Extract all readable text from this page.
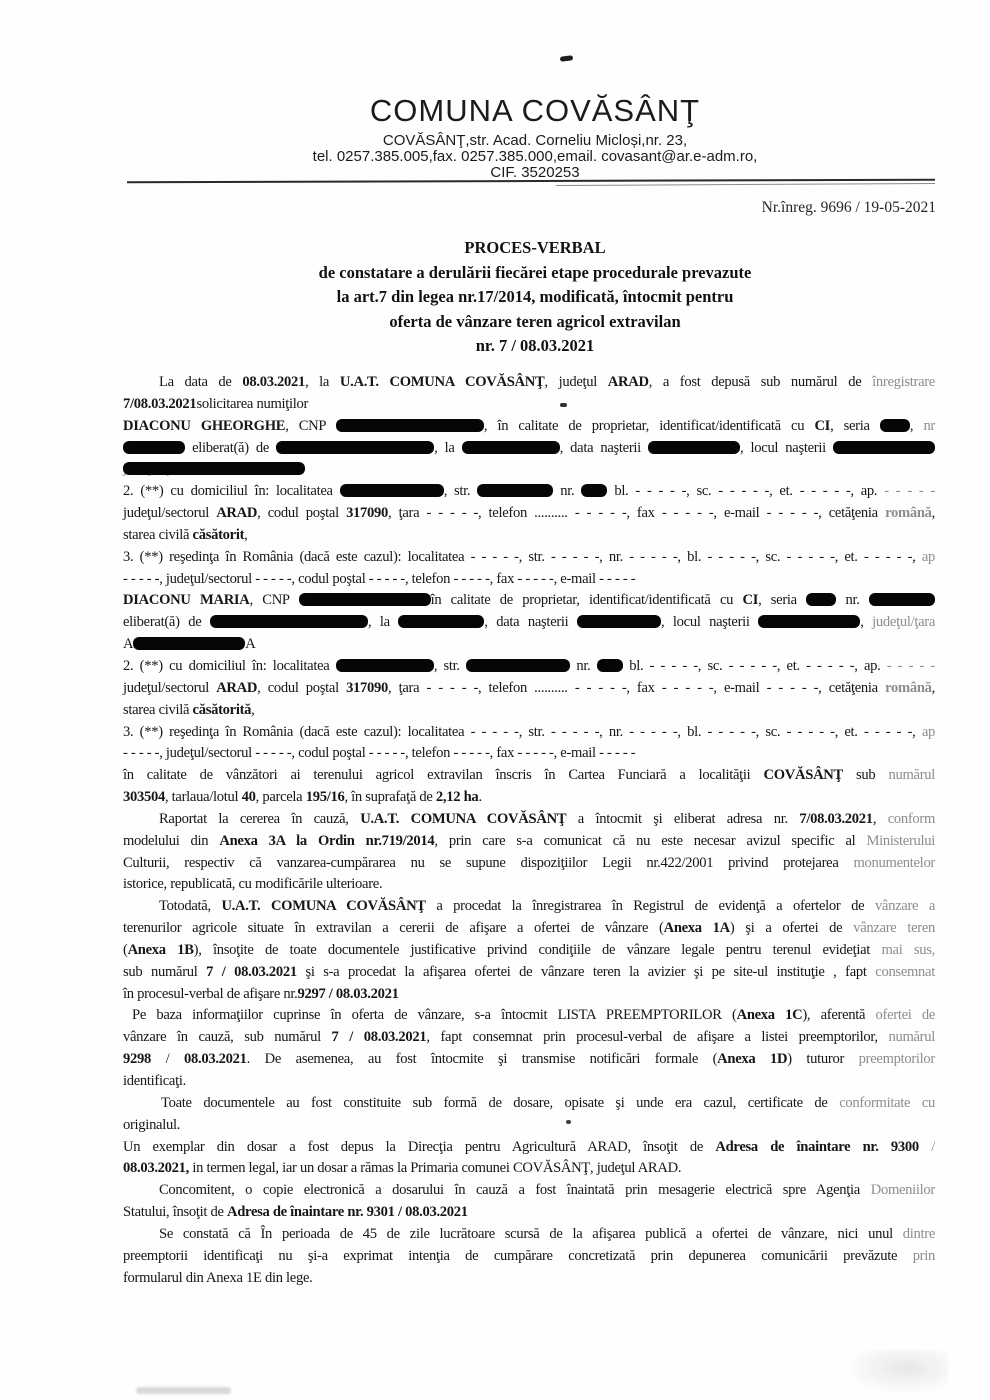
COMUNA COVĂSÂNŢ
COVĂSÂNŢ,str. Acad. Corneliu Micloși,nr. 23,
tel. 0257.385.005,fax. 0257.385.000,email. covasant@ar.e-adm.ro,
CIF. 3520253
Nr.înreg. 9696 / 19-05-2021
PROCES-VERBAL
de constatare a derulării fiecărei etape procedurale prevazute
la art.7 din legea nr.17/2014, modificată, întocmit pentru
oferta de vânzare teren agricol extravilan
nr. 7 / 08.03.2021
La data de 08.03.2021, la U.A.T. COMUNA COVĂSÂNŢ, judeţul ARAD, a fost depusă sub numărul de înregistrare
7/08.03.2021solicitarea numiţilor
DIACONU GHEORGHE, CNP	, în calitate de proprietar, identificat/identificată cu CI, seria , nr
eliberat(ă) de	, la	, data naşterii	, locul naşterii
2. (**) cu domiciliul în: localitatea	, str.	nr.  bl. - - - - -, sc. - - - - -, et. - - - - -, ap. - - - - -
judeţul/sectorul ARAD, codul poştal 317090, ţara - - - - -, telefon .......... - - - - -, fax - - - - -, e-mail - - - - -, cetăţenia română,
starea civilă căsătorit,
3. (**) reşedinţa în România (dacă este cazul): localitatea - - - - -, str. - - - - -, nr. - - - - -, bl. - - - - -, sc. - - - - -, et. - - - - -, ap
- - - - -, judeţul/sectorul - - - - -, codul poştal - - - - -, telefon - - - - -, fax - - - - -, e-mail - - - - -
DIACONU MARIA, CNP	în calitate de proprietar, identificat/identificată cu CI, seria  nr.
eliberat(ă) de	, la	, data naşterii	, locul naşterii	, judeţul/ţara
A	A
2. (**) cu domiciliul în: localitatea	, str.	nr.  bl. - - - - -, sc. - - - - -, et. - - - - -, ap. - - - - -
judeţul/sectorul ARAD, codul poştal 317090, ţara - - - - -, telefon .......... - - - - -, fax - - - - -, e-mail - - - - -, cetăţenia română,
starea civilă căsătorită,
3. (**) reşedinţa în România (dacă este cazul): localitatea - - - - -, str. - - - - -, nr. - - - - -, bl. - - - - -, sc. - - - - -, et. - - - - -, ap
- - - - -, judeţul/sectorul - - - - -, codul poştal - - - - -, telefon - - - - -, fax - - - - -, e-mail - - - - -
în calitate de vânzători ai terenului agricol extravilan înscris în Cartea Funciară a localităţii COVĂSÂNŢ sub numărul
303504, tarlaua/lotul 40, parcela 195/16, în suprafaţă de 2,12 ha.
Raportat la cererea în cauză, U.A.T. COMUNA COVĂSÂNŢ a întocmit şi eliberat adresa nr. 7/08.03.2021, conform
modelului din Anexa 3A la Ordin nr.719/2014, prin care s-a comunicat că nu este necesar avizul specific al Ministerului
Culturii, respectiv că vanzarea-cumpărarea nu se supune dispoziţiilor Legii nr.422/2001 privind protejarea monumentelor
istorice, republicată, cu modificările ulterioare.
Totodată, U.A.T. COMUNA COVĂSÂNŢ a procedat la înregistrarea în Registrul de evidenţă a ofertelor de vânzare a
terenurilor agricole situate în extravilan a cererii de afişare a ofertei de vânzare (Anexa 1A) şi a ofertei de vânzare teren
(Anexa 1B), însoţite de toate documentele justificative privind condiţiile de vânzare legale pentru terenul evideţiat mai sus,
sub numărul 7 / 08.03.2021 şi s-a procedat la afişarea ofertei de vânzare teren la avizier şi pe site-ul instituţie , fapt consemnat
în procesul-verbal de afişare nr.9297 / 08.03.2021
Pe baza informaţiilor cuprinse în oferta de vânzare, s-a întocmit LISTA PREEMPTORILOR (Anexa 1C), aferentă ofertei de
vânzare în cauză, sub numărul 7 / 08.03.2021, fapt consemnat prin procesul-verbal de afişare a listei preemptorilor, numărul
9298 / 08.03.2021. De asemenea, au fost întocmite şi transmise notificări formale (Anexa 1D) tuturor preemptorilor
identificaţi.
Toate documentele au fost constituite sub formă de dosare, opisate şi unde era cazul, certificate de conformitate cu
originalul.
Un exemplar din dosar a fost depus la Direcţia pentru Agricultură ARAD, însoţit de Adresa de înaintare nr. 9300 /
08.03.2021, in termen legal, iar un dosar a rămas la Primaria comunei COVĂSÂNŢ, judeţul ARAD.
Concomitent, o copie electronică a dosarului în cauză a fost înaintată prin mesagerie electrică spre Agenţia Domeniilor
Statului, însoţit de Adresa de înaintare nr. 9301 / 08.03.2021
Se constată că În perioada de 45 de zile lucrătoare scursă de la afişarea publică a ofertei de vânzare, nici unul dintre
preemptorii identificaţi nu şi-a exprimat intenţia de cumpărare concretizată prin depunerea comunicării prevăzute prin
formularul din Anexa 1E din lege.
